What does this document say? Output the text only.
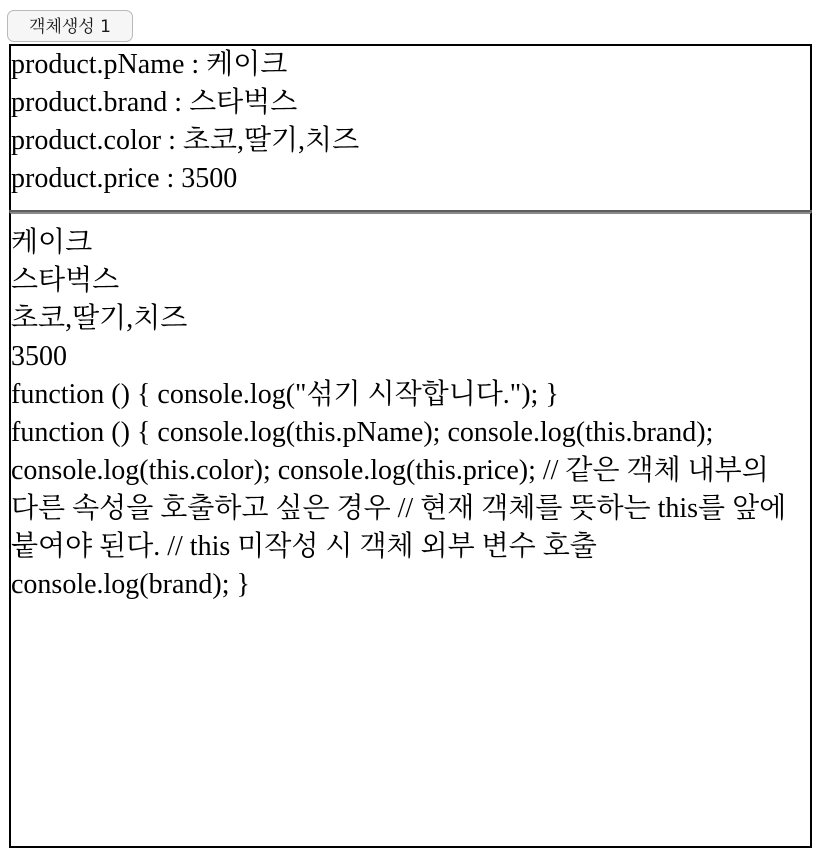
객체생성 1

product.pName : 케이크

product.brand : 스타벅스

product.color : 초코,딸기,치즈

product.price : 3500

케이크

스타벅스

초코,딸기,치즈

3500

function () { console.log("섞기 시작합니다."); }

function () { console.log(this.pName); console.log(this.brand); console.log(this.color); console.log(this.price); // 같은 객체 내부의 다른 속성을 호출하고 싶은 경우 // 현재 객체를 뜻하는 this를 앞에 붙여야 된다. // this 미작성 시 객체 외부 변수 호출 console.log(brand); }
